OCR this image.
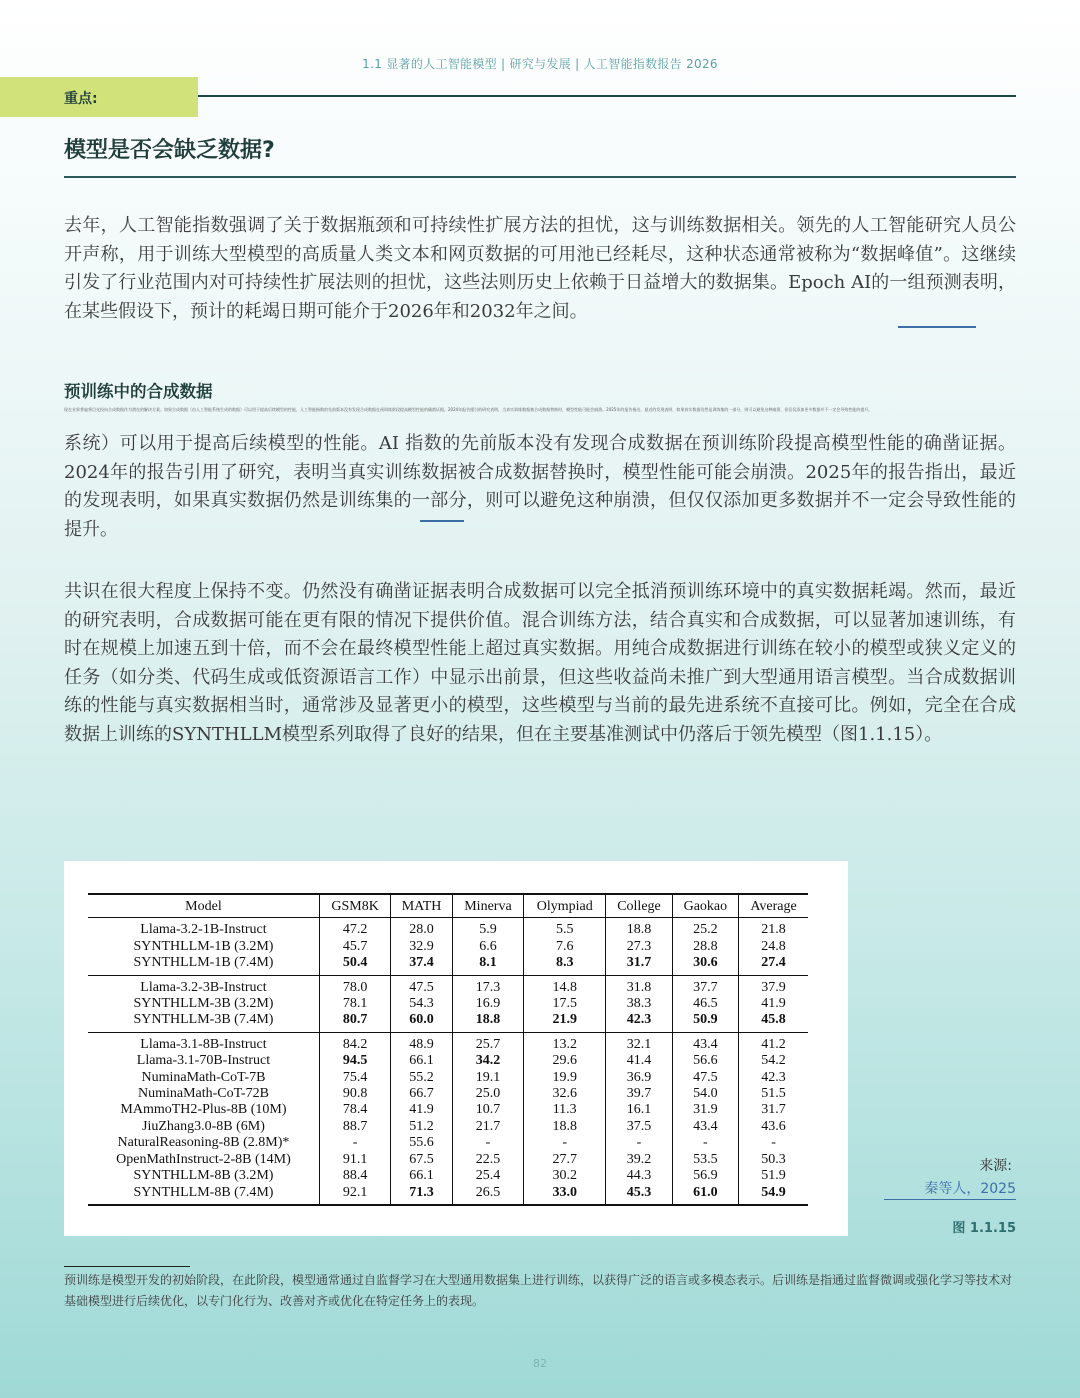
1.1 显著的人工智能模型 | 研究与发展 | 人工智能指数报告 2026
重点:
模型是否会缺乏数据?

去年，人工智能指数强调了关于数据瓶颈和可持续性扩展方法的担忧，这与训练数据相关。领先的人工智能研究人员公开声称，用于训练大型模型的高质量人类文本和网页数据的可用池已经耗尽，这种状态通常被称为“数据峰值”。这继续引发了行业范围内对可持续性扩展法则的担忧，这些法则历史上依赖于日益增大的数据集。Epoch AI的一组预测表明，在某些假设下，预计的耗竭日期可能介于2026年和2032年之间。

预训练中的合成数据
现在业界普遍将目光投向合成数据作为潜在的解决方案。如果合成数据（由人工智能系统生成的数据）可以用于提高后续模型的性能，人工智能指数的先前版本没有发现合成数据在预训练阶段提高模型性能的确凿证据。2024年报告援引的研究表明，当真实训练数据被合成数据替换时，模型性能可能会崩溃。2025年的报告指出，最近的发现表明，如果真实数据仍然是训练集的一部分，则可以避免这种崩溃，但仅仅添加更多数据并不一定会导致性能的提升。

系统）可以用于提高后续模型的性能。AI 指数的先前版本没有发现合成数据在预训练阶段提高模型性能的确凿证据。2024年的报告引用了研究，表明当真实训练数据被合成数据替换时，模型性能可能会崩溃。2025年的报告指出，最近的发现表明，如果真实数据仍然是训练集的一部分，则可以避免这种崩溃，但仅仅添加更多数据并不一定会导致性能的提升。

共识在很大程度上保持不变。仍然没有确凿证据表明合成数据可以完全抵消预训练环境中的真实数据耗竭。然而，最近的研究表明，合成数据可能在更有限的情况下提供价值。混合训练方法，结合真实和合成数据，可以显著加速训练，有时在规模上加速五到十倍，而不会在最终模型性能上超过真实数据。用纯合成数据进行训练在较小的模型或狭义定义的任务（如分类、代码生成或低资源语言工作）中显示出前景，但这些收益尚未推广到大型通用语言模型。当合成数据训练的性能与真实数据相当时，通常涉及显著更小的模型，这些模型与当前的最先进系统不直接可比。例如，完全在合成数据上训练的SYNTHLLM模型系列取得了良好的结果，但在主要基准测试中仍落后于领先模型（图1.1.15）。

Model	GSM8K	MATH	Minerva	Olympiad	College	Gaokao	Average
Llama-3.2-1B-Instruct	47.2	28.0	5.9	5.5	18.8	25.2	21.8
SYNTHLLM-1B (3.2M)	45.7	32.9	6.6	7.6	27.3	28.8	24.8
SYNTHLLM-1B (7.4M)	50.4	37.4	8.1	8.3	31.7	30.6	27.4
Llama-3.2-3B-Instruct	78.0	47.5	17.3	14.8	31.8	37.7	37.9
SYNTHLLM-3B (3.2M)	78.1	54.3	16.9	17.5	38.3	46.5	41.9
SYNTHLLM-3B (7.4M)	80.7	60.0	18.8	21.9	42.3	50.9	45.8
Llama-3.1-8B-Instruct	84.2	48.9	25.7	13.2	32.1	43.4	41.2
Llama-3.1-70B-Instruct	94.5	66.1	34.2	29.6	41.4	56.6	54.2
NuminaMath-CoT-7B	75.4	55.2	19.1	19.9	36.9	47.5	42.3
NuminaMath-CoT-72B	90.8	66.7	25.0	32.6	39.7	54.0	51.5
MAmmoTH2-Plus-8B (10M)	78.4	41.9	10.7	11.3	16.1	31.9	31.7
JiuZhang3.0-8B (6M)	88.7	51.2	21.7	18.8	37.5	43.4	43.6
NaturalReasoning-8B (2.8M)*	-	55.6	-	-	-	-	-
OpenMathInstruct-2-8B (14M)	91.1	67.5	22.5	27.7	39.2	53.5	50.3
SYNTHLLM-8B (3.2M)	88.4	66.1	25.4	30.2	44.3	56.9	51.9
SYNTHLLM-8B (7.4M)	92.1	71.3	26.5	33.0	45.3	61.0	54.9
来源:
秦等人，2025
图 1.1.15

预训练是模型开发的初始阶段，在此阶段，模型通常通过自监督学习在大型通用数据集上进行训练，以获得广泛的语言或多模态表示。后训练是指通过监督微调或强化学习等技术对基础模型进行后续优化，以专门化行为、改善对齐或优化在特定任务上的表现。

82
